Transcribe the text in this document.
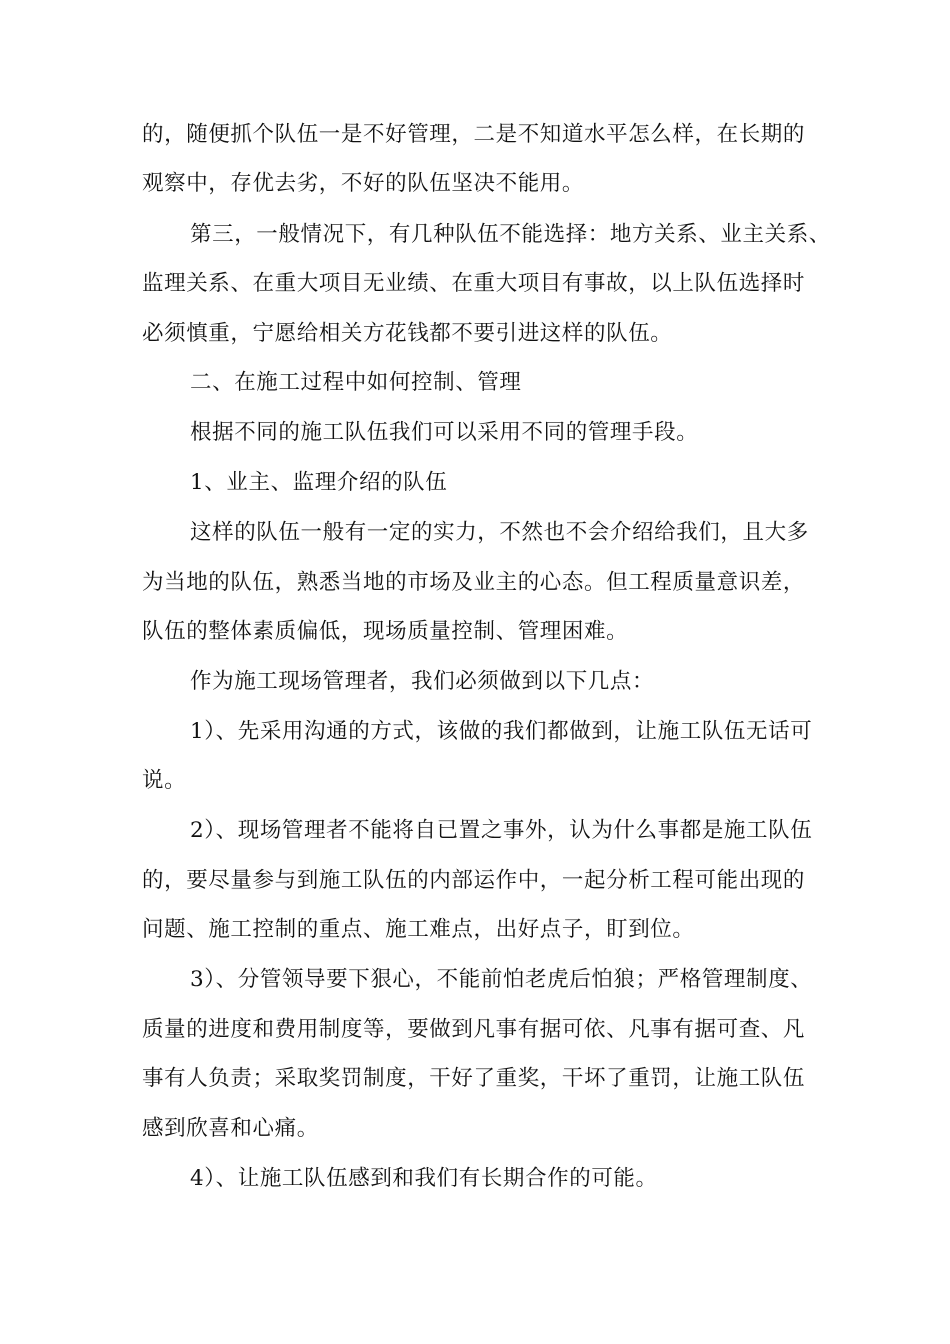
的，随便抓个队伍一是不好管理，二是不知道水平怎么样，在长期的
观察中，存优去劣，不好的队伍坚决不能用。
第三，一般情况下，有几种队伍不能选择：地方关系、业主关系、
监理关系、在重大项目无业绩、在重大项目有事故，以上队伍选择时
必须慎重，宁愿给相关方花钱都不要引进这样的队伍。
二、在施工过程中如何控制、管理
根据不同的施工队伍我们可以采用不同的管理手段。
1、业主、监理介绍的队伍
这样的队伍一般有一定的实力，不然也不会介绍给我们，且大多
为当地的队伍，熟悉当地的市场及业主的心态。但工程质量意识差，
队伍的整体素质偏低，现场质量控制、管理困难。
作为施工现场管理者，我们必须做到以下几点：
1）、先采用沟通的方式，该做的我们都做到，让施工队伍无话可
说。
2）、现场管理者不能将自已置之事外，认为什么事都是施工队伍
的，要尽量参与到施工队伍的内部运作中，一起分析工程可能出现的
问题、施工控制的重点、施工难点，出好点子，盯到位。
3）、分管领导要下狠心，不能前怕老虎后怕狼；严格管理制度、
质量的进度和费用制度等，要做到凡事有据可依、凡事有据可查、凡
事有人负责；采取奖罚制度，干好了重奖，干坏了重罚，让施工队伍
感到欣喜和心痛。
4）、让施工队伍感到和我们有长期合作的可能。
